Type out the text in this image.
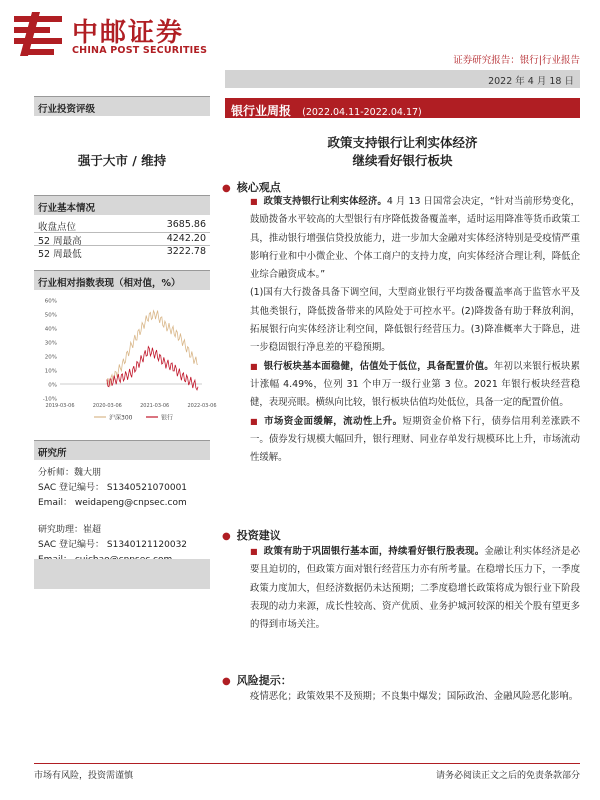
中邮证券
CHINA POST SECURITIES
证券研究报告：银行|行业报告
2022 年 4 月 18 日
行业投资评级
强于大市 / 维持
行业基本情况
收盘点位	3685.86
52 周最高	4242.20
52 周最低	3222.78
行业相对指数表现（相对值，%）
60%
50%
40%
30%
20%
10%
0%
-10%
2019-03-06	2020-03-06	2021-03-06	2022-03-06
沪深300	银行
研究所
分析师：魏大朋
SAC 登记编号： S1340521070001
Email： weidapeng@cnpsec.com
研究助理：崔超
SAC 登记编号： S1340121120032
银行业周报 (2022.04.11-2022.04.17)
政策支持银行让利实体经济
继续看好银行板块
● 核心观点

■ 政策支持银行让利实体经济。4 月 13 日国常会决定，“针对当前形势变化，鼓励拨备水平较高的大型银行有序降低拨备覆盖率，适时运用降准等货币政策工具，推动银行增强信贷投放能力，进一步加大金融对实体经济特别是受疫情严重影响行业和中小微企业、个体工商户的支持力度，向实体经济合理让利，降低企业综合融资成本。”

(1)国有大行拨备具备下调空间，大型商业银行平均拨备覆盖率高于监管水平及其他类银行，降低拨备带来的风险处于可控水平。(2)降拨备有助于释放利润，拓展银行向实体经济让利空间，降低银行经营压力。(3)降准概率大于降息，进一步稳固银行净息差的平稳预期。

■ 银行板块基本面稳健，估值处于低位，具备配置价值。年初以来银行板块累计涨幅 4.49%，位列 31 个申万一级行业第 3 位。2021 年银行板块经营稳健，表现亮眼。横纵向比较，银行板块估值均处低位，具备一定的配置价值。

■ 市场资金面缓解，流动性上升。短期资金价格下行，债券信用利差涨跌不一。债券发行规模大幅回升，银行理财、同业存单发行规模环比上升，市场流动性缓解。

● 投资建议

■ 政策有助于巩固银行基本面，持续看好银行股表现。金融让利实体经济是必要且迫切的，但政策方面对银行经营压力亦有所考量。在稳增长压力下，一季度政策力度加大，但经济数据仍未达预期；二季度稳增长政策将成为银行业下阶段表现的动力来源，成长性较高、资产优质、业务护城河较深的相关个股有望更多的得到市场关注。

● 风险提示：

疫情恶化；政策效果不及预期；不良集中爆发；国际政治、金融风险恶化影响。

市场有风险，投资需谨慎	请务必阅读正文之后的免责条款部分
